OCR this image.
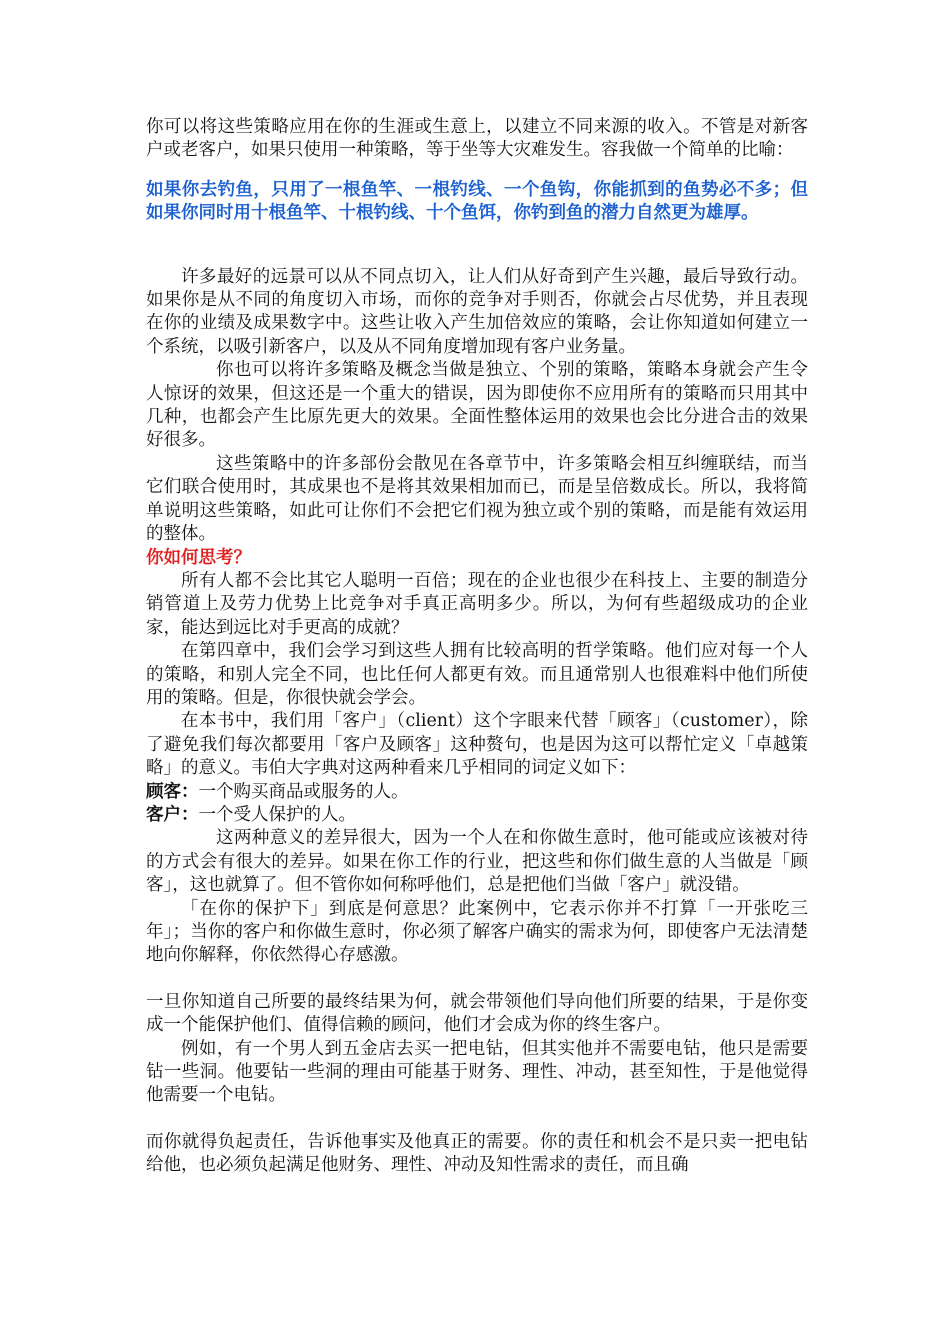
你可以将这些策略应用在你的生涯或生意上，以建立不同来源的收入。不管是对新客户或老客户，如果只使用一种策略，等于坐等大灾难发生。容我做一个简单的比喻：

如果你去钓鱼，只用了一根鱼竿、一根钓线、一个鱼钩，你能抓到的鱼势必不多；但如果你同时用十根鱼竿、十根钓线、十个鱼饵，你钓到鱼的潜力自然更为雄厚。

许多最好的远景可以从不同点切入，让人们从好奇到产生兴趣，最后导致行动。如果你是从不同的角度切入市场，而你的竞争对手则否，你就会占尽优势，并且表现在你的业绩及成果数字中。这些让收入产生加倍效应的策略，会让你知道如何建立一个系统，以吸引新客户，以及从不同角度增加现有客户业务量。

你也可以将许多策略及概念当做是独立、个别的策略，策略本身就会产生令人惊讶的效果，但这还是一个重大的错误，因为即使你不应用所有的策略而只用其中几种，也都会产生比原先更大的效果。全面性整体运用的效果也会比分进合击的效果好很多。

这些策略中的许多部份会散见在各章节中，许多策略会相互纠缠联结，而当它们联合使用时，其成果也不是将其效果相加而已，而是呈倍数成长。所以，我将简单说明这些策略，如此可让你们不会把它们视为独立或个别的策略，而是能有效运用的整体。

你如何思考？

所有人都不会比其它人聪明一百倍；现在的企业也很少在科技上、主要的制造分销管道上及劳力优势上比竞争对手真正高明多少。所以，为何有些超级成功的企业家，能达到远比对手更高的成就？

在第四章中，我们会学习到这些人拥有比较高明的哲学策略。他们应对每一个人的策略，和别人完全不同，也比任何人都更有效。而且通常别人也很难料中他们所使用的策略。但是，你很快就会学会。

在本书中，我们用「客户」（client）这个字眼来代替「顾客」（customer），除了避免我们每次都要用「客户及顾客」这种赘句，也是因为这可以帮忙定义「卓越策略」的意义。韦伯大字典对这两种看来几乎相同的词定义如下：

顾客：一个购买商品或服务的人。

客户：一个受人保护的人。

这两种意义的差异很大，因为一个人在和你做生意时，他可能或应该被对待的方式会有很大的差异。如果在你工作的行业，把这些和你们做生意的人当做是「顾客」，这也就算了。但不管你如何称呼他们，总是把他们当做「客户」就没错。

「在你的保护下」到底是何意思？此案例中，它表示你并不打算「一开张吃三年」；当你的客户和你做生意时，你必须了解客户确实的需求为何，即使客户无法清楚地向你解释，你依然得心存感激。

一旦你知道自己所要的最终结果为何，就会带领他们导向他们所要的结果，于是你变成一个能保护他们、值得信赖的顾问，他们才会成为你的终生客户。

例如，有一个男人到五金店去买一把电钻，但其实他并不需要电钻，他只是需要钻一些洞。他要钻一些洞的理由可能基于财务、理性、冲动，甚至知性，于是他觉得他需要一个电钻。

而你就得负起责任，告诉他事实及他真正的需要。你的责任和机会不是只卖一把电钻给他，也必须负起满足他财务、理性、冲动及知性需求的责任，而且确
